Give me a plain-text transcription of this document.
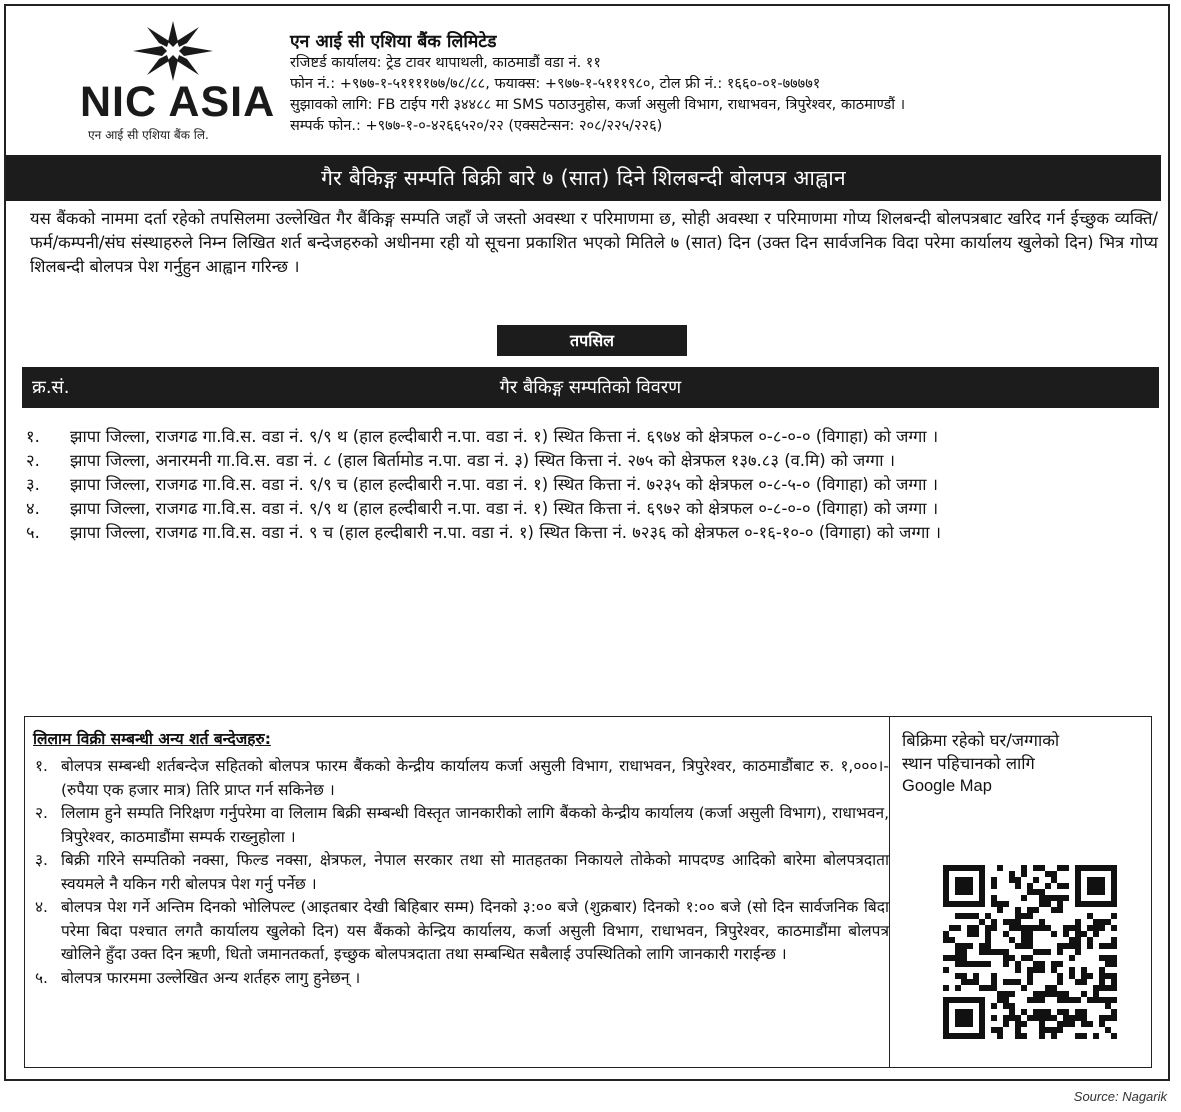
NIC ASIA
एन आई सी एशिया बैंक लि.
एन आई सी एशिया बैंक लिमिटेड
रजिष्टर्ड कार्यालय: ट्रेड टावर थापाथली, काठमाडौं वडा नं. ११
फोन नं.: +९७७-१-५११११७७/७८/८८, फयाक्स: +९७७-१-५१११९८०, टोल फ्री नं.: १६६०-०१-७७७७१
सुझावको लागि: FB टाईप गरी ३४४८८ मा SMS पठाउनुहोस, कर्जा असुली विभाग, राधाभवन, त्रिपुरेश्वर, काठमाण्डौं ।
सम्पर्क फोन.: +९७७-१-०-४२६६५२०/२२ (एक्सटेन्सन: २०८/२२५/२२६)
गैर बैकिङ्ग सम्पति बिक्री बारे ७ (सात) दिने शिलबन्दी बोलपत्र आह्वान
यस बैंकको नाममा दर्ता रहेको तपसिलमा उल्लेखित गैर बैंकिङ्ग सम्पति जहाँ जे जस्तो अवस्था र परिमाणमा छ, सोही अवस्था र परिमाणमा गोप्य शिलबन्दी बोलपत्रबाट खरिद गर्न ईच्छुक व्यक्ति/फर्म/कम्पनी/संघ संस्थाहरुले निम्न लिखित शर्त बन्देजहरुको अधीनमा रही यो सूचना प्रकाशित भएको मितिले ७ (सात) दिन (उक्त दिन सार्वजनिक विदा परेमा कार्यालय खुलेको दिन) भित्र गोप्य शिलबन्दी बोलपत्र पेश गर्नुहुन आह्वान गरिन्छ ।
तपसिल
गैर बैकिङ्ग सम्पतिको विवरण
क्र.सं.
१. झापा जिल्ला, राजगढ गा.वि.स. वडा नं. ९/९ थ (हाल हल्दीबारी न.पा. वडा नं. १) स्थित कित्ता नं. ६९७४ को क्षेत्रफल ०-८-०-० (विगाहा) को जग्गा ।
२. झापा जिल्ला, अनारमनी गा.वि.स. वडा नं. ८ (हाल बिर्तामोड न.पा. वडा नं. ३) स्थित कित्ता नं. २७५ को क्षेत्रफल १३७.८३ (व.मि) को जग्गा ।
३. झापा जिल्ला, राजगढ गा.वि.स. वडा नं. ९/९ च (हाल हल्दीबारी न.पा. वडा नं. १) स्थित कित्ता नं. ७२३५ को क्षेत्रफल ०-८-५-० (विगाहा) को जग्गा ।
४. झापा जिल्ला, राजगढ गा.वि.स. वडा नं. ९/९ थ (हाल हल्दीबारी न.पा. वडा नं. १) स्थित कित्ता नं. ६९७२ को क्षेत्रफल ०-८-०-० (विगाहा) को जग्गा ।
५. झापा जिल्ला, राजगढ गा.वि.स. वडा नं. ९ च (हाल हल्दीबारी न.पा. वडा नं. १) स्थित कित्ता नं. ७२३६ को क्षेत्रफल ०-१६-१०-० (विगाहा) को जग्गा ।
लिलाम विक्री सम्बन्धी अन्य शर्त बन्देजहरु:
१. बोलपत्र सम्बन्धी शर्तबन्देज सहितको बोलपत्र फारम बैंकको केन्द्रीय कार्यालय कर्जा असुली विभाग, राधाभवन, त्रिपुरेश्वर, काठमाडौंबाट रु. १,०००।- (रुपैया एक हजार मात्र) तिरि प्राप्त गर्न सकिनेछ ।
२. लिलाम हुने सम्पति निरिक्षण गर्नुपरेमा वा लिलाम बिक्री सम्बन्धी विस्तृत जानकारीको लागि बैंकको केन्द्रीय कार्यालय (कर्जा असुली विभाग), राधाभवन, त्रिपुरेश्वर, काठमाडौंमा सम्पर्क राख्नुहोला ।
३. बिक्री गरिने सम्पतिको नक्सा, फिल्ड नक्सा, क्षेत्रफल, नेपाल सरकार तथा सो मातहतका निकायले तोकेको मापदण्ड आदिको बारेमा बोलपत्रदाता स्वयमले नै यकिन गरी बोलपत्र पेश गर्नु पर्नेछ ।
४. बोलपत्र पेश गर्ने अन्तिम दिनको भोलिपल्ट (आइतबार देखी बिहिबार सम्म) दिनको ३:०० बजे (शुक्रबार) दिनको १:०० बजे (सो दिन सार्वजनिक बिदा परेमा बिदा पश्चात लगतै कार्यालय खुलेको दिन) यस बैंकको केन्द्रिय कार्यालय, कर्जा असुली विभाग, राधाभवन, त्रिपुरेश्वर, काठमाडौंमा बोलपत्र खोलिने हुँदा उक्त दिन ऋणी, धितो जमानतकर्ता, इच्छुक बोलपत्रदाता तथा सम्बन्धित सबैलाई उपस्थितिको लागि जानकारी गराईन्छ ।
५. बोलपत्र फारममा उल्लेखित अन्य शर्तहरु लागु हुनेछन् ।
बिक्रिमा रहेको घर/जग्गाको
स्थान पहिचानको लागि
Google Map
Source: Nagarik
